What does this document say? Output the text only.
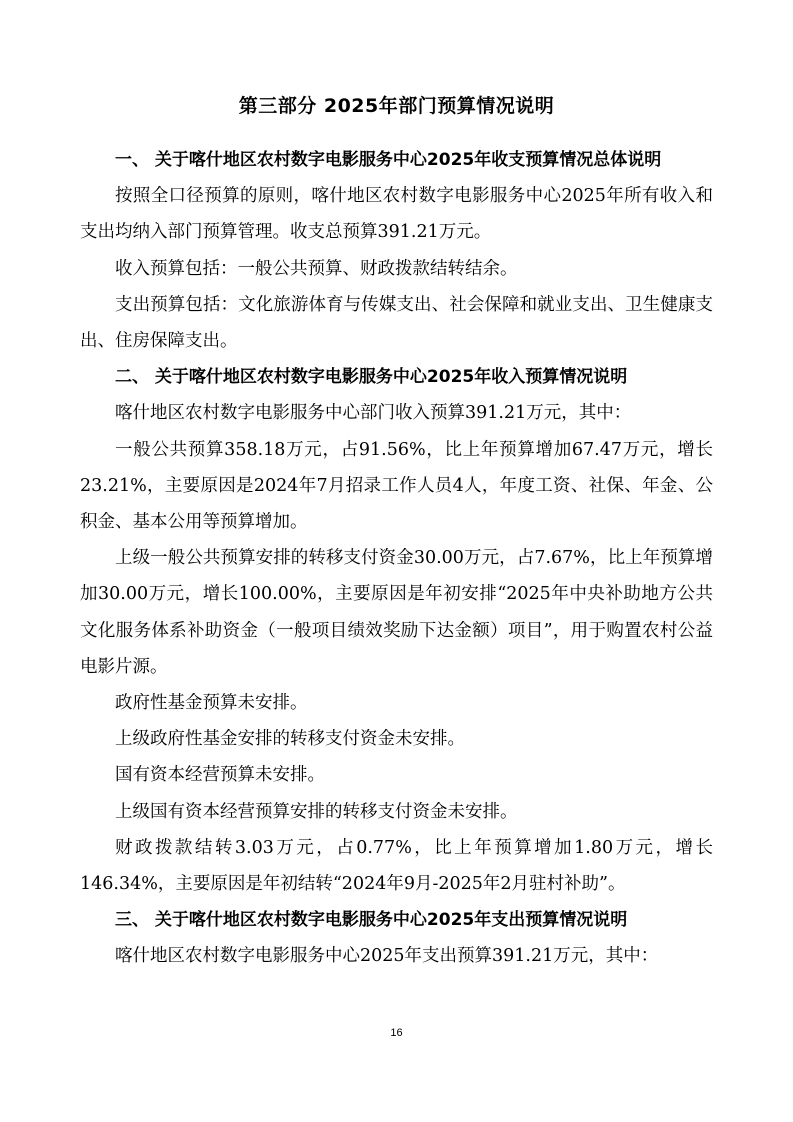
第三部分 2025年部门预算情况说明

一、 关于喀什地区农村数字电影服务中心2025年收支预算情况总体说明

按照全口径预算的原则，喀什地区农村数字电影服务中心2025年所有收入和支出均纳入部门预算管理。收支总预算391.21万元。

收入预算包括：一般公共预算、财政拨款结转结余。

支出预算包括：文化旅游体育与传媒支出、社会保障和就业支出、卫生健康支出、住房保障支出。

二、 关于喀什地区农村数字电影服务中心2025年收入预算情况说明

喀什地区农村数字电影服务中心部门收入预算391.21万元，其中：

一般公共预算358.18万元，占91.56%，比上年预算增加67.47万元，增长23.21%，主要原因是2024年7月招录工作人员4人，年度工资、社保、年金、公积金、基本公用等预算增加。

上级一般公共预算安排的转移支付资金30.00万元，占7.67%，比上年预算增加30.00万元，增长100.00%，主要原因是年初安排“2025年中央补助地方公共文化服务体系补助资金（一般项目绩效奖励下达金额）项目”，用于购置农村公益电影片源。

政府性基金预算未安排。

上级政府性基金安排的转移支付资金未安排。

国有资本经营预算未安排。

上级国有资本经营预算安排的转移支付资金未安排。

财政拨款结转3.03万元，占0.77%，比上年预算增加1.80万元，增长146.34%，主要原因是年初结转“2024年9月-2025年2月驻村补助”。

三、 关于喀什地区农村数字电影服务中心2025年支出预算情况说明

喀什地区农村数字电影服务中心2025年支出预算391.21万元，其中：

16
